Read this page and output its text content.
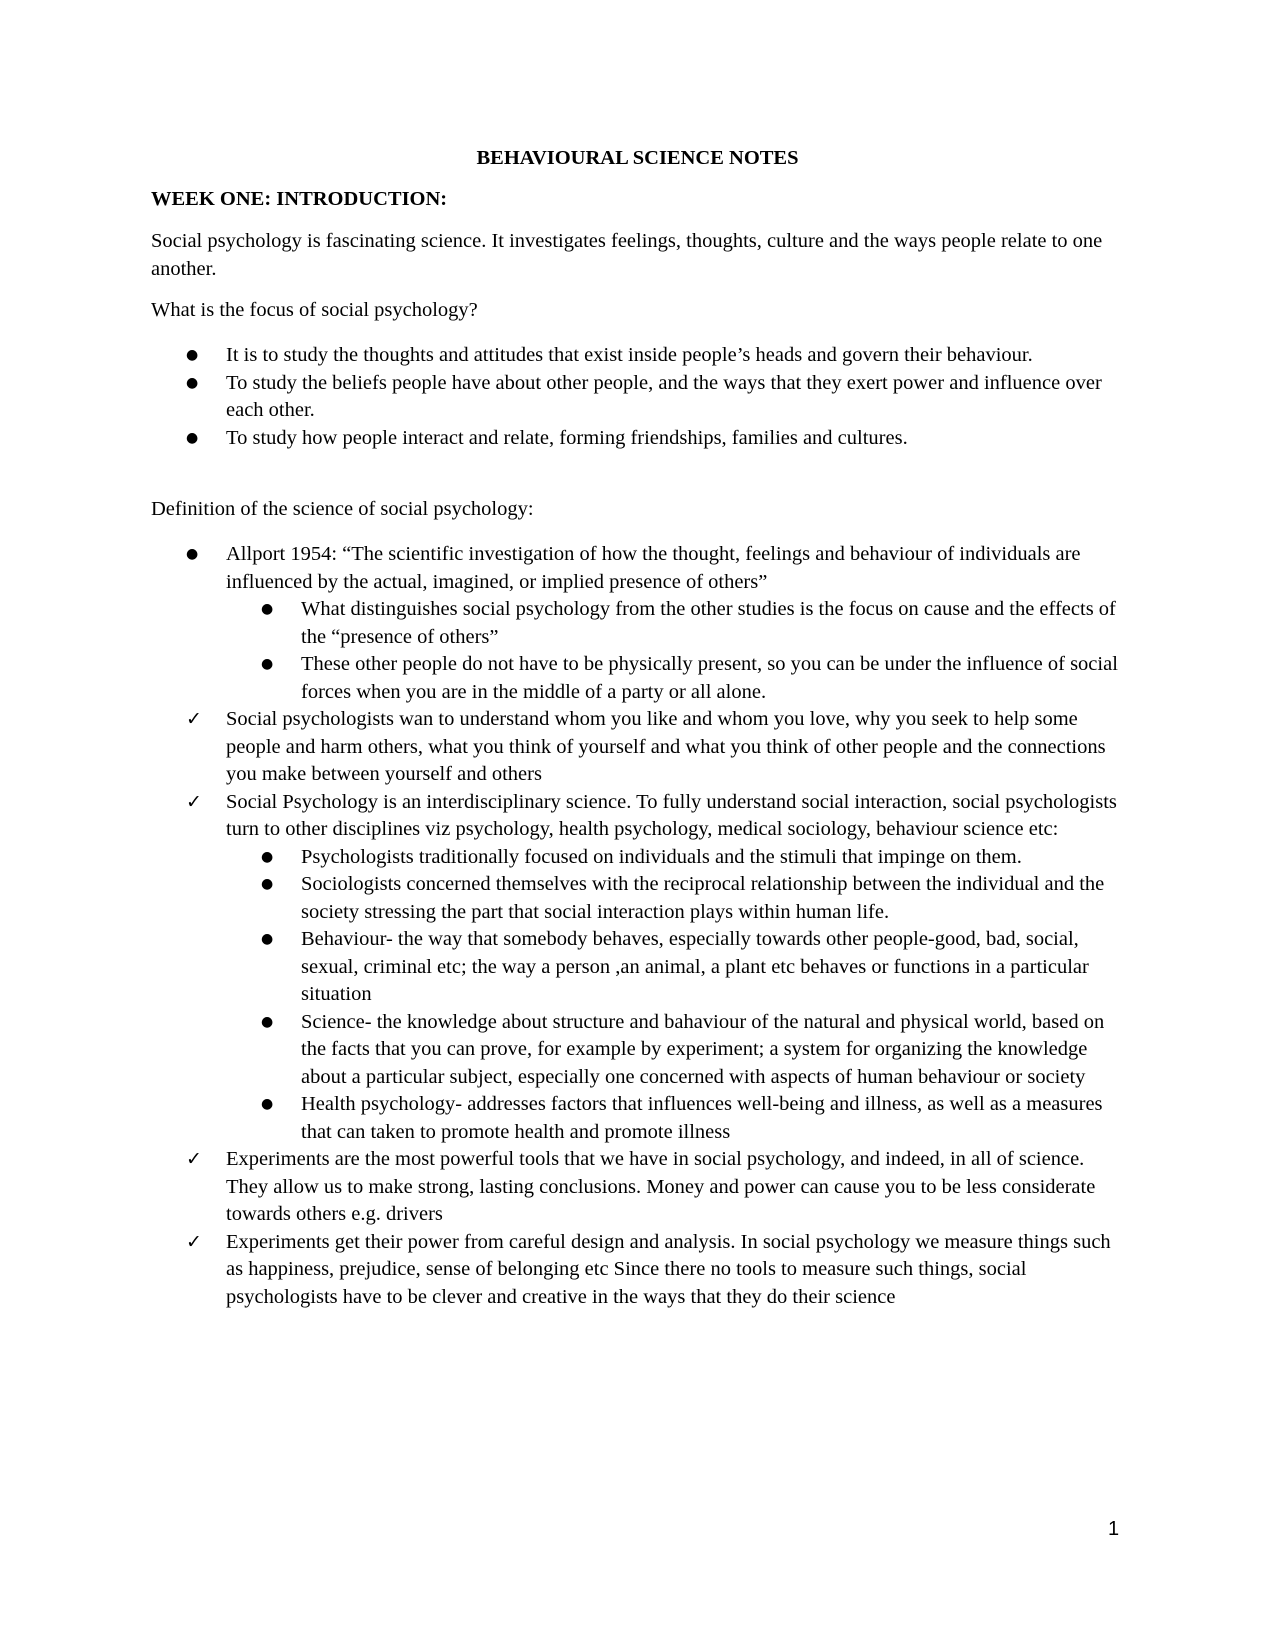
BEHAVIOURAL SCIENCE NOTES
WEEK ONE: INTRODUCTION:
Social psychology is fascinating science. It investigates feelings, thoughts, culture and the ways people relate to one another.
What is the focus of social psychology?
● It is to study the thoughts and attitudes that exist inside people’s heads and govern their behaviour.
● To study the beliefs people have about other people, and the ways that they exert power and influence over each other.
● To study how people interact and relate, forming friendships, families and cultures.
Definition of the science of social psychology:
● Allport 1954: “The scientific investigation of how the thought, feelings and behaviour of individuals are influenced by the actual, imagined, or implied presence of others”
● What distinguishes social psychology from the other studies is the focus on cause and the effects of the “presence of others”
● These other people do not have to be physically present, so you can be under the influence of social forces when you are in the middle of a party or all alone.
✓ Social psychologists wan to understand whom you like and whom you love, why you seek to help some people and harm others, what you think of yourself and what you think of other people and the connections you make between yourself and others
✓ Social Psychology is an interdisciplinary science. To fully understand social interaction, social psychologists turn to other disciplines viz psychology, health psychology, medical sociology, behaviour science etc:
● Psychologists traditionally focused on individuals and the stimuli that impinge on them.
● Sociologists concerned themselves with the reciprocal relationship between the individual and the society stressing the part that social interaction plays within human life.
● Behaviour- the way that somebody behaves, especially towards other people-good, bad, social, sexual, criminal etc; the way a person ,an animal, a plant etc behaves or functions in a particular situation
● Science- the knowledge about structure and bahaviour of the natural and physical world, based on the facts that you can prove, for example by experiment; a system for organizing the knowledge about a particular subject, especially one concerned with aspects of human behaviour or society
● Health psychology- addresses factors that influences well-being and illness, as well as a measures that can taken to promote health and promote illness
✓ Experiments are the most powerful tools that we have in social psychology, and indeed, in all of science. They allow us to make strong, lasting conclusions. Money and power can cause you to be less considerate towards others e.g. drivers
✓ Experiments get their power from careful design and analysis. In social psychology we measure things such as happiness, prejudice, sense of belonging etc Since there no tools to measure such things, social psychologists have to be clever and creative in the ways that they do their science
1
